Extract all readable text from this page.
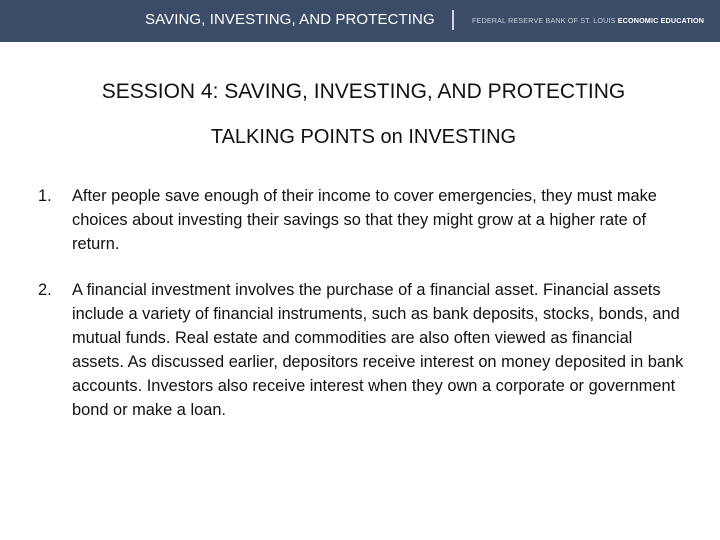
SAVING, INVESTING, AND PROTECTING	FEDERAL RESERVE BANK OF ST. LOUIS ECONOMIC EDUCATION
SESSION 4: SAVING, INVESTING, AND PROTECTING
TALKING POINTS on INVESTING
1. After people save enough of their income to cover emergencies, they must make choices about investing their savings so that they might grow at a higher rate of return.
2. A financial investment involves the purchase of a financial asset. Financial assets include a variety of financial instruments, such as bank deposits, stocks, bonds, and mutual funds. Real estate and commodities are also often viewed as financial assets. As discussed earlier, depositors receive interest on money deposited in bank accounts. Investors also receive interest when they own a corporate or government bond or make a loan.
